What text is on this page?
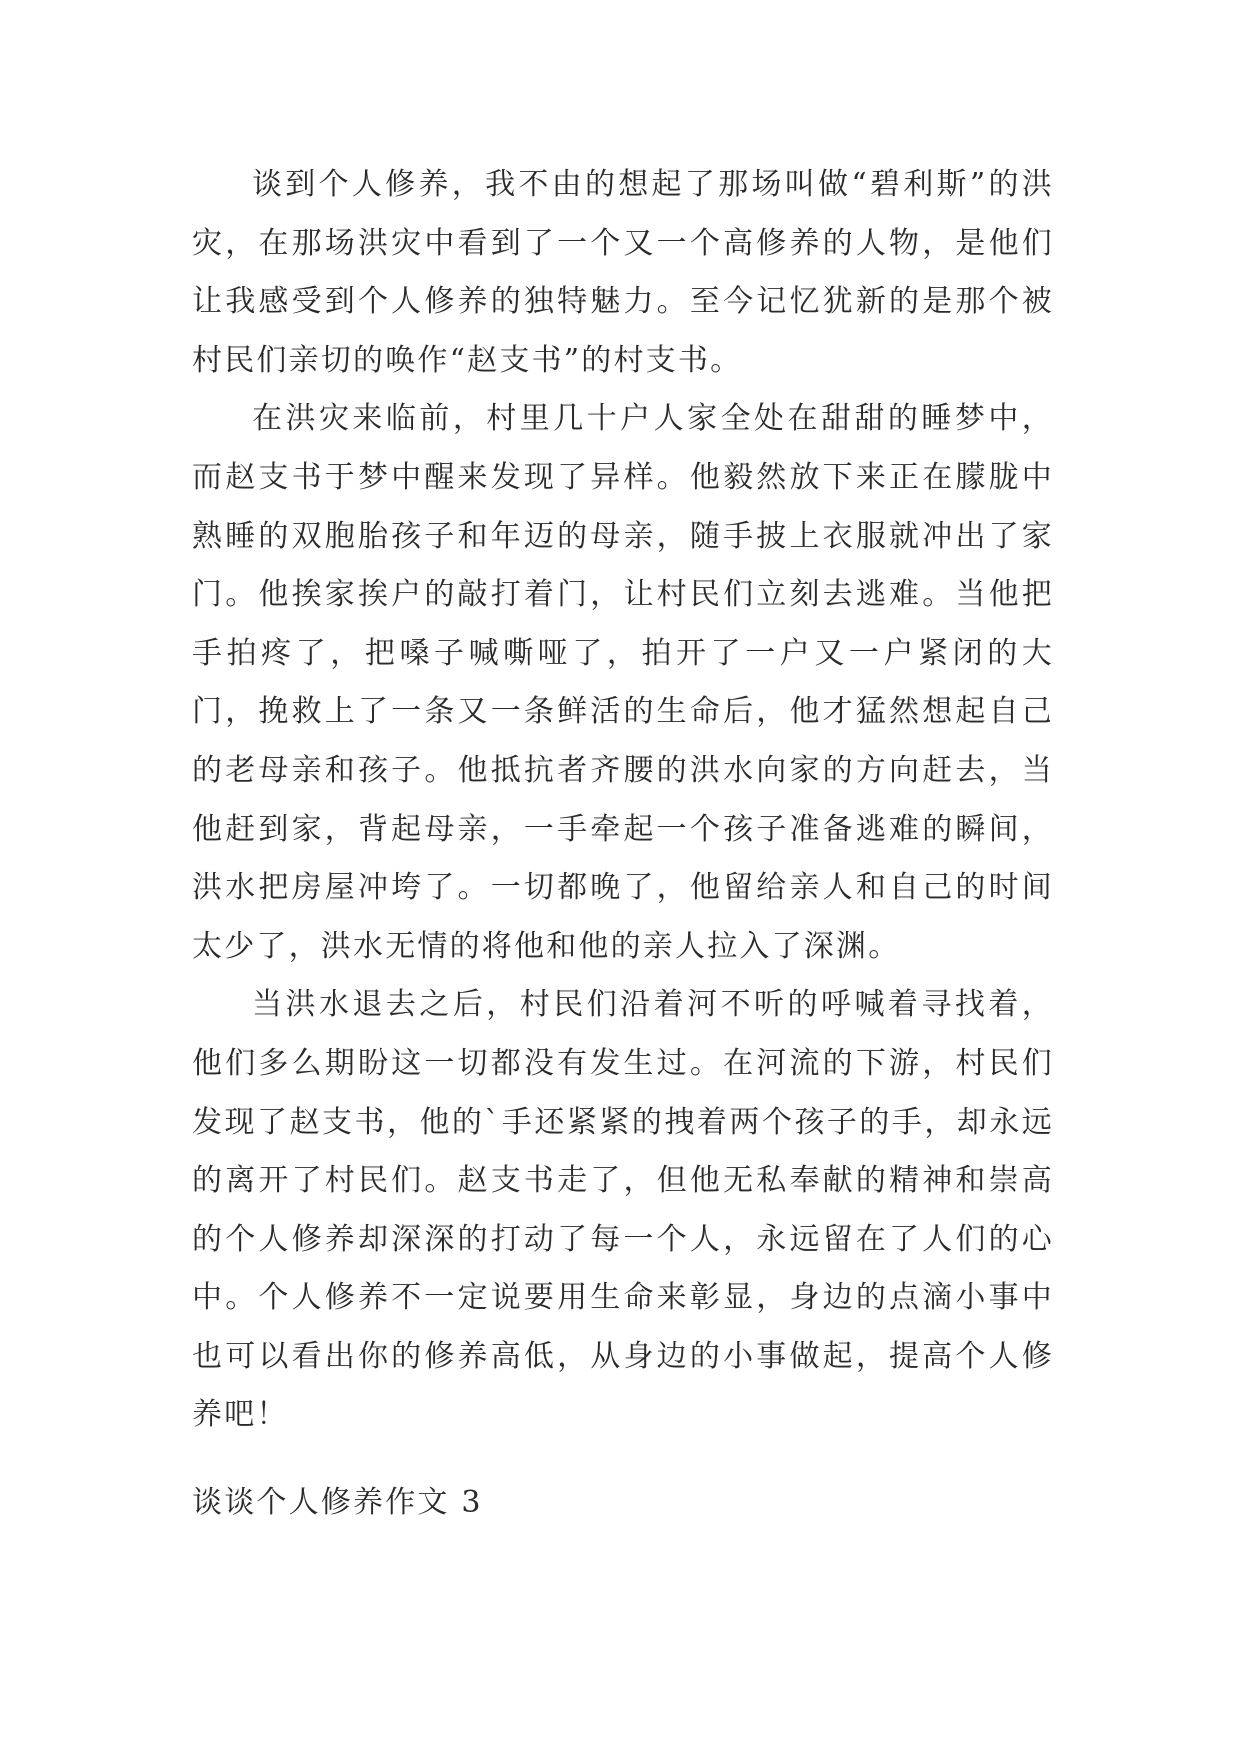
谈到个人修养，我不由的想起了那场叫做“碧利斯”的洪灾，在那场洪灾中看到了一个又一个高修养的人物，是他们让我感受到个人修养的独特魅力。至今记忆犹新的是那个被村民们亲切的唤作“赵支书”的村支书。

在洪灾来临前，村里几十户人家全处在甜甜的睡梦中，而赵支书于梦中醒来发现了异样。他毅然放下来正在朦胧中熟睡的双胞胎孩子和年迈的母亲，随手披上衣服就冲出了家门。他挨家挨户的敲打着门，让村民们立刻去逃难。当他把手拍疼了，把嗓子喊嘶哑了，拍开了一户又一户紧闭的大门，挽救上了一条又一条鲜活的生命后，他才猛然想起自己的老母亲和孩子。他抵抗者齐腰的洪水向家的方向赶去，当他赶到家，背起母亲，一手牵起一个孩子准备逃难的瞬间，洪水把房屋冲垮了。一切都晚了，他留给亲人和自己的时间太少了，洪水无情的将他和他的亲人拉入了深渊。

当洪水退去之后，村民们沿着河不听的呼喊着寻找着，他们多么期盼这一切都没有发生过。在河流的下游，村民们发现了赵支书，他的`手还紧紧的拽着两个孩子的手，却永远的离开了村民们。赵支书走了，但他无私奉献的精神和崇高的个人修养却深深的打动了每一个人，永远留在了人们的心中。个人修养不一定说要用生命来彰显，身边的点滴小事中也可以看出你的修养高低，从身边的小事做起，提高个人修养吧！

谈谈个人修养作文 3
